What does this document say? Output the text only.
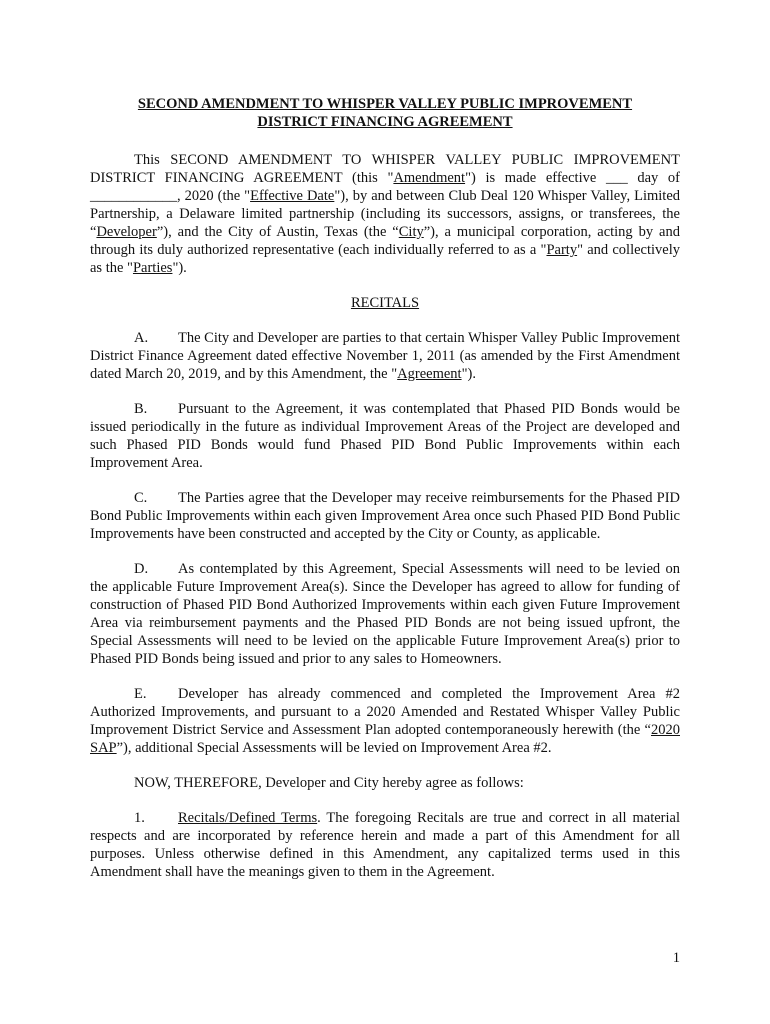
SECOND AMENDMENT TO WHISPER VALLEY PUBLIC IMPROVEMENT
DISTRICT FINANCING AGREEMENT

This SECOND AMENDMENT TO WHISPER VALLEY PUBLIC IMPROVEMENT DISTRICT FINANCING AGREEMENT (this "Amendment") is made effective ___ day of ____________, 2020 (the "Effective Date"), by and between Club Deal 120 Whisper Valley, Limited Partnership, a Delaware limited partnership (including its successors, assigns, or transferees, the “Developer”), and the City of Austin, Texas (the “City”), a municipal corporation, acting by and through its duly authorized representative (each individually referred to as a "Party" and collectively as the "Parties").

RECITALS

A. The City and Developer are parties to that certain Whisper Valley Public Improvement District Finance Agreement dated effective November 1, 2011 (as amended by the First Amendment dated March 20, 2019, and by this Amendment, the "Agreement").

B. Pursuant to the Agreement, it was contemplated that Phased PID Bonds would be issued periodically in the future as individual Improvement Areas of the Project are developed and such Phased PID Bonds would fund Phased PID Bond Public Improvements within each Improvement Area.

C. The Parties agree that the Developer may receive reimbursements for the Phased PID Bond Public Improvements within each given Improvement Area once such Phased PID Bond Public Improvements have been constructed and accepted by the City or County, as applicable.

D. As contemplated by this Agreement, Special Assessments will need to be levied on the applicable Future Improvement Area(s). Since the Developer has agreed to allow for funding of construction of Phased PID Bond Authorized Improvements within each given Future Improvement Area via reimbursement payments and the Phased PID Bonds are not being issued upfront, the Special Assessments will need to be levied on the applicable Future Improvement Area(s) prior to Phased PID Bonds being issued and prior to any sales to Homeowners.

E. Developer has already commenced and completed the Improvement Area #2 Authorized Improvements, and pursuant to a 2020 Amended and Restated Whisper Valley Public Improvement District Service and Assessment Plan adopted contemporaneously herewith (the “2020 SAP”), additional Special Assessments will be levied on Improvement Area #2.

NOW, THEREFORE, Developer and City hereby agree as follows:

1. Recitals/Defined Terms. The foregoing Recitals are true and correct in all material respects and are incorporated by reference herein and made a part of this Amendment for all purposes. Unless otherwise defined in this Amendment, any capitalized terms used in this Amendment shall have the meanings given to them in the Agreement.

1
